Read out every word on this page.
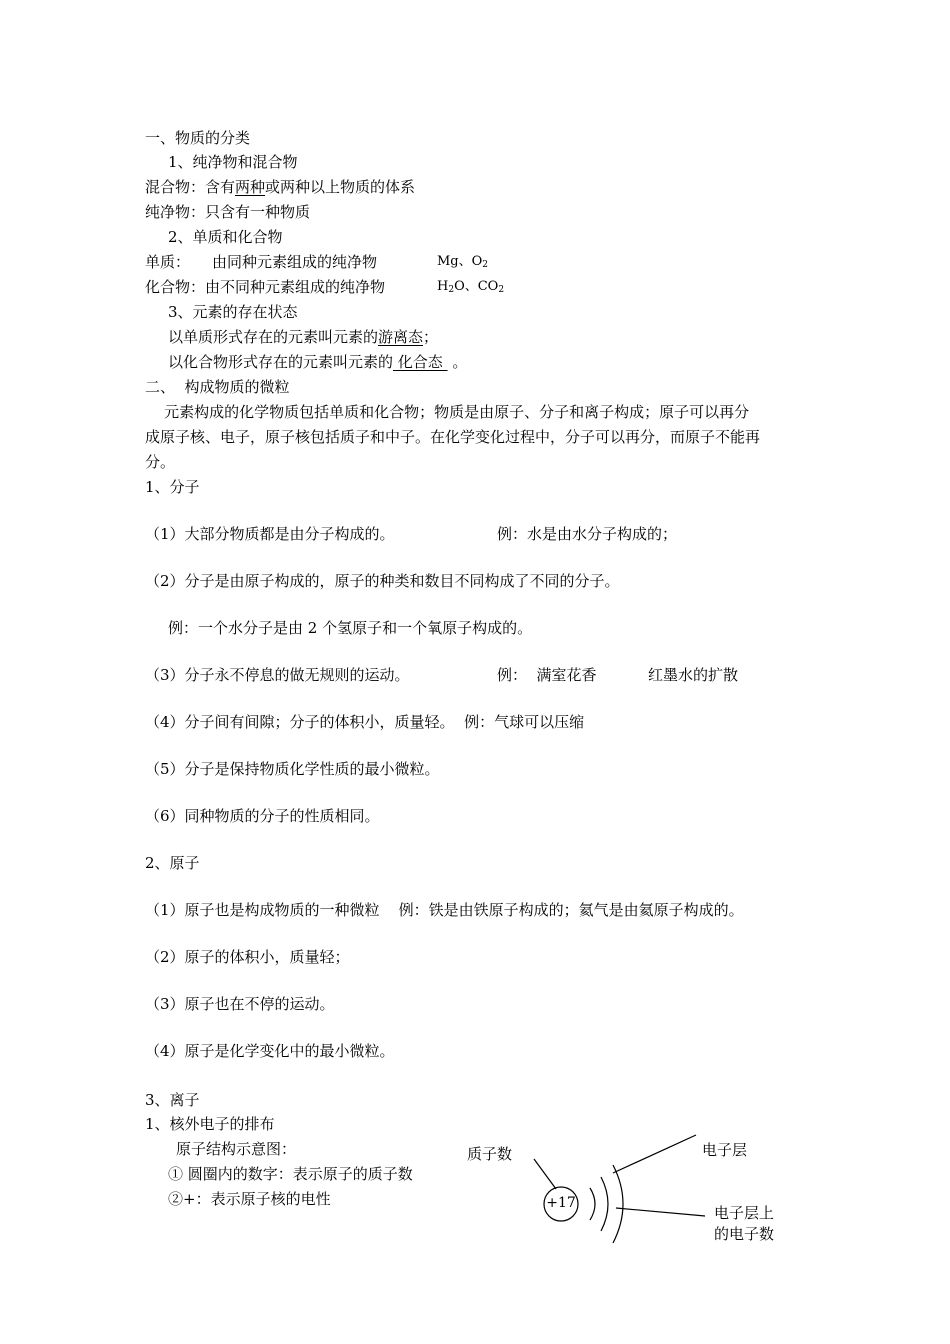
一、物质的分类
1、纯净物和混合物
混合物：含有两种或两种以上物质的体系
纯净物：只含有一种物质
2、单质和化合物
单质： 由同种元素组成的纯净物	Mg、$O_2$
化合物：由不同种元素组成的纯净物	$H_2O$、$CO_2$
3、元素的存在状态
以单质形式存在的元素叫元素的游离态；
以化合物形式存在的元素叫元素的 化合态  。
二、  构成物质的微粒
元素构成的化学物质包括单质和化合物；物质是由原子、分子和离子构成；原子可以再分
成原子核、电子，原子核包括质子和中子。在化学变化过程中，分子可以再分，而原子不能再
分。
1、分子
（1）大部分物质都是由分子构成的。	例：水是由水分子构成的；
（2）分子是由原子构成的，原子的种类和数目不同构成了不同的分子。
例：一个水分子是由 2 个氢原子和一个氧原子构成的。
（3）分子永不停息的做无规则的运动。	例：  满室花香	红墨水的扩散
（4）分子间有间隙；分子的体积小，质量轻。  例：气球可以压缩
（5）分子是保持物质化学性质的最小微粒。
（6）同种物质的分子的性质相同。
2、原子
（1）原子也是构成物质的一种微粒    例：铁是由铁原子构成的；氦气是由氦原子构成的。
（2）原子的体积小，质量轻；
（3）原子也在不停的运动。
（4）原子是化学变化中的最小微粒。
3、离子
1、核外电子的排布
原子结构示意图：
① 圆圈内的数字：表示原子的质子数
②+：表示原子核的电性
质子数
+17
电子层
电子层上
的电子数
